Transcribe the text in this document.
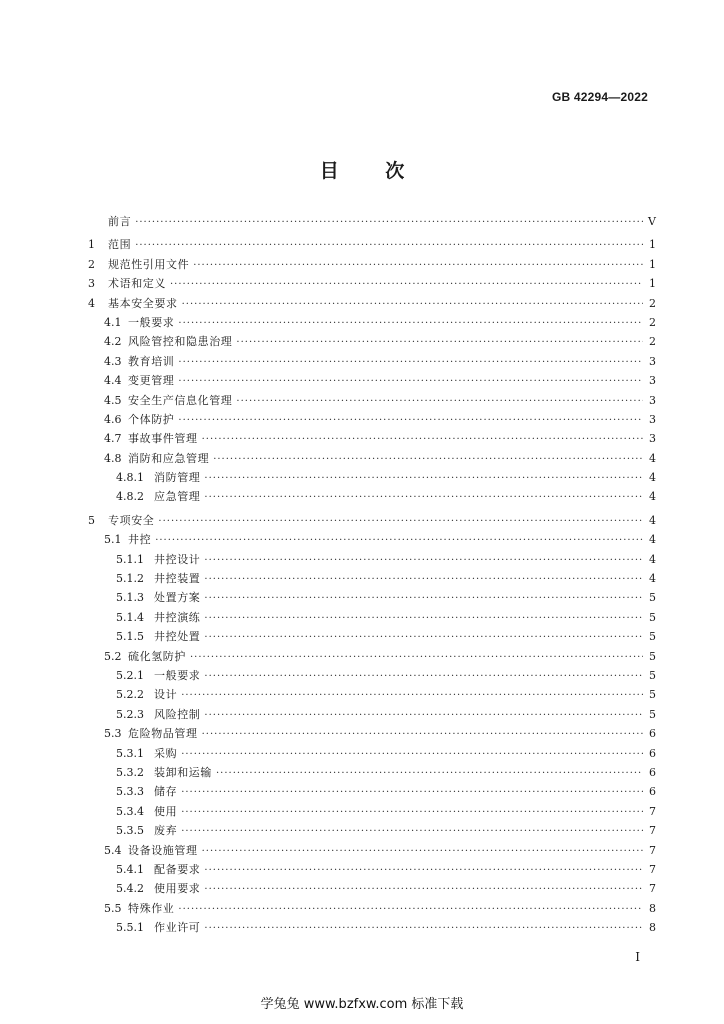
GB 42294—2022
目 次
前言 ·····	Ⅴ
1	范围 ·····	1
2	规范性引用文件 ·····	1
3	术语和定义 ·····	1
4	基本安全要求 ·····	2
4.1 一般要求 ·····	2
4.2 风险管控和隐患治理 ·····	2
4.3 教育培训 ·····	3
4.4 变更管理 ·····	3
4.5 安全生产信息化管理 ·····	3
4.6 个体防护 ·····	3
4.7 事故事件管理 ·····	3
4.8 消防和应急管理 ·····	4
4.8.1 消防管理 ·····	4
4.8.2 应急管理 ·····	4
5	专项安全 ·····	4
5.1 井控 ·····	4
5.1.1 井控设计 ·····	4
5.1.2 井控装置 ·····	4
5.1.3 处置方案 ·····	5
5.1.4 井控演练 ·····	5
5.1.5 井控处置 ·····	5
5.2 硫化氢防护 ·····	5
5.2.1 一般要求 ·····	5
5.2.2 设计 ·····	5
5.2.3 风险控制 ·····	5
5.3 危险物品管理 ·····	6
5.3.1 采购 ·····	6
5.3.2 装卸和运输 ·····	6
5.3.3 储存 ·····	6
5.3.4 使用 ·····	7
5.3.5 废弃 ·····	7
5.4 设备设施管理 ·····	7
5.4.1 配备要求 ·····	7
5.4.2 使用要求 ·····	7
5.5 特殊作业 ·····	8
5.5.1 作业许可 ·····	8
Ⅰ
学兔兔 www.bzfxw.com 标准下载
